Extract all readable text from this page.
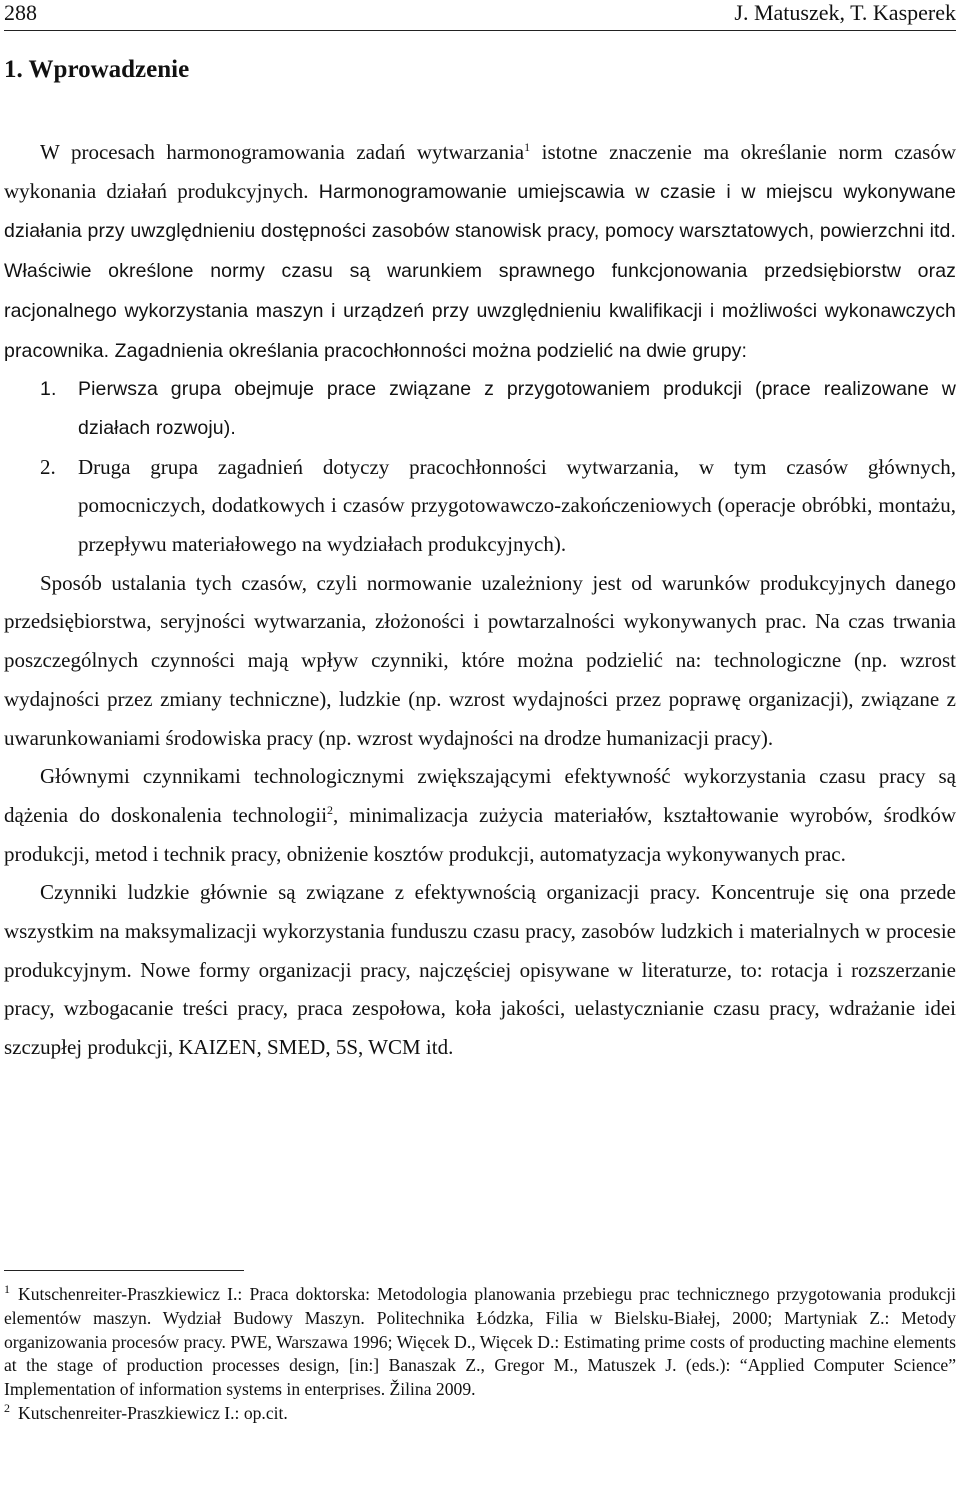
288	J. Matuszek, T. Kasperek
1. Wprowadzenie

W procesach harmonogramowania zadań wytwarzania$^1$ istotne znaczenie ma określanie norm czasów wykonania działań produkcyjnych. Harmonogramowanie umiejscawia w czasie i w miejscu wykonywane działania przy uwzględnieniu dostępności zasobów stanowisk pracy, pomocy warsztatowych, powierzchni itd. Właściwie określone normy czasu są warunkiem sprawnego funkcjonowania przedsiębiorstw oraz racjonalnego wykorzystania maszyn i urządzeń przy uwzględnieniu kwalifikacji i możliwości wykonawczych pracownika. Zagadnienia określania pracochłonności można podzielić na dwie grupy:

1. Pierwsza grupa obejmuje prace związane z przygotowaniem produkcji (prace realizowane w działach rozwoju).
2. Druga grupa zagadnień dotyczy pracochłonności wytwarzania, w tym czasów głównych, pomocniczych, dodatkowych i czasów przygotowawczo-zakończeniowych (operacje obróbki, montażu, przepływu materiałowego na wydziałach produkcyjnych).

Sposób ustalania tych czasów, czyli normowanie uzależniony jest od warunków produkcyjnych danego przedsiębiorstwa, seryjności wytwarzania, złożoności i powtarzalności wykonywanych prac. Na czas trwania poszczególnych czynności mają wpływ czynniki, które można podzielić na: technologiczne (np. wzrost wydajności przez zmiany techniczne), ludzkie (np. wzrost wydajności przez poprawę organizacji), związane z uwarunkowaniami środowiska pracy (np. wzrost wydajności na drodze humanizacji pracy).

Głównymi czynnikami technologicznymi zwiększającymi efektywność wykorzystania czasu pracy są dążenia do doskonalenia technologii$^2$, minimalizacja zużycia materiałów, kształtowanie wyrobów, środków produkcji, metod i technik pracy, obniżenie kosztów produkcji, automatyzacja wykonywanych prac.

Czynniki ludzkie głównie są związane z efektywnością organizacji pracy. Koncentruje się ona przede wszystkim na maksymalizacji wykorzystania funduszu czasu pracy, zasobów ludzkich i materialnych w procesie produkcyjnym. Nowe formy organizacji pracy, najczęściej opisywane w literaturze, to: rotacja i rozszerzanie pracy, wzbogacanie treści pracy, praca zespołowa, koła jakości, uelastycznianie czasu pracy, wdrażanie idei szczupłej produkcji, KAIZEN, SMED, 5S, WCM itd.

$^1$ Kutschenreiter-Praszkiewicz I.: Praca doktorska: Metodologia planowania przebiegu prac technicznego przygotowania produkcji elementów maszyn. Wydział Budowy Maszyn. Politechnika Łódzka, Filia w Bielsku-Białej, 2000; Martyniak Z.: Metody organizowania procesów pracy. PWE, Warszawa 1996; Więcek D., Więcek D.: Estimating prime costs of producting machine elements at the stage of production processes design, [in:] Banaszak Z., Gregor M., Matuszek J. (eds.): “Applied Computer Science” Implementation of information systems in enterprises. Žilina 2009.

$^2$ Kutschenreiter-Praszkiewicz I.: op.cit.
